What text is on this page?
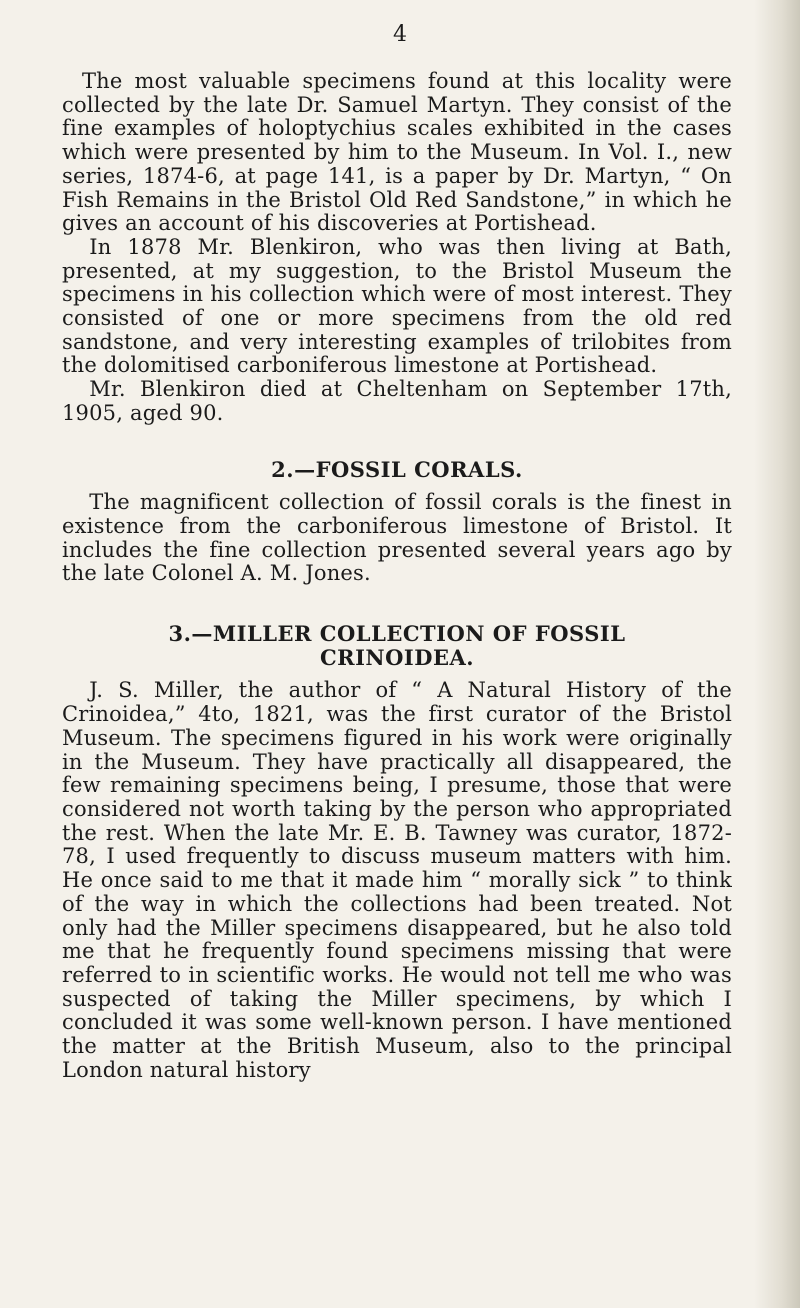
4

The most valuable specimens found at this locality were collected by the late Dr. Samuel Martyn. They consist of the fine examples of holoptychius scales exhibited in the cases which were presented by him to the Museum. In Vol. I., new series, 1874-6, at page 141, is a paper by Dr. Martyn, “ On Fish Remains in the Bristol Old Red Sandstone,” in which he gives an account of his discoveries at Portishead.

In 1878 Mr. Blenkiron, who was then living at Bath, presented, at my suggestion, to the Bristol Museum the specimens in his collection which were of most interest. They consisted of one or more specimens from the old red sandstone, and very interesting examples of trilobites from the dolomitised carboniferous limestone at Portishead.

Mr. Blenkiron died at Cheltenham on September 17th, 1905, aged 90.

2.—FOSSIL CORALS.

The magnificent collection of fossil corals is the finest in existence from the carboniferous limestone of Bristol. It includes the fine collection presented several years ago by the late Colonel A. M. Jones.

3.—MILLER COLLECTION OF FOSSIL
CRINOIDEA.

J. S. Miller, the author of “ A Natural History of the Crinoidea,” 4to, 1821, was the first curator of the Bristol Museum. The specimens figured in his work were originally in the Museum. They have practically all disappeared, the few remaining specimens being, I presume, those that were considered not worth taking by the person who appropriated the rest. When the late Mr. E. B. Tawney was curator, 1872-78, I used frequently to discuss museum matters with him. He once said to me that it made him “ morally sick ” to think of the way in which the collections had been treated. Not only had the Miller specimens disappeared, but he also told me that he frequently found specimens missing that were referred to in scientific works. He would not tell me who was suspected of taking the Miller specimens, by which I concluded it was some well-known person. I have mentioned the matter at the British Museum, also to the principal London natural history
